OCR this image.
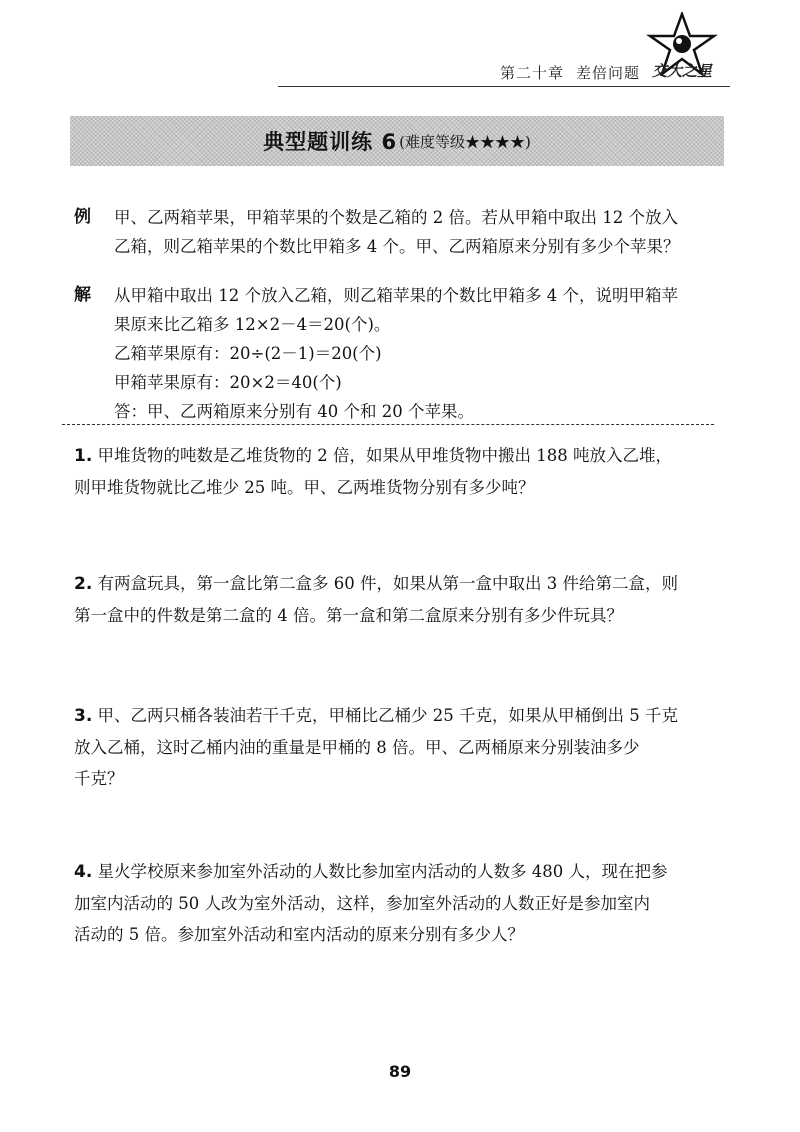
第二十章 差倍问题 交大之星
典型题训练 6 (难度等级★★★★)
例 甲、乙两箱苹果，甲箱苹果的个数是乙箱的 2 倍。若从甲箱中取出 12 个放入

乙箱，则乙箱苹果的个数比甲箱多 4 个。甲、乙两箱原来分别有多少个苹果？

解 从甲箱中取出 12 个放入乙箱，则乙箱苹果的个数比甲箱多 4 个，说明甲箱苹

果原来比乙箱多 12×2－4＝20(个)。

乙箱苹果原有：20÷(2－1)＝20(个)

甲箱苹果原有：20×2＝40(个)

答：甲、乙两箱原来分别有 40 个和 20 个苹果。

1. 甲堆货物的吨数是乙堆货物的 2 倍，如果从甲堆货物中搬出 188 吨放入乙堆，

则甲堆货物就比乙堆少 25 吨。甲、乙两堆货物分别有多少吨？

2. 有两盒玩具，第一盒比第二盒多 60 件，如果从第一盒中取出 3 件给第二盒，则

第一盒中的件数是第二盒的 4 倍。第一盒和第二盒原来分别有多少件玩具？

3. 甲、乙两只桶各装油若干千克，甲桶比乙桶少 25 千克，如果从甲桶倒出 5 千克

放入乙桶，这时乙桶内油的重量是甲桶的 8 倍。甲、乙两桶原来分别装油多少

千克？

4. 星火学校原来参加室外活动的人数比参加室内活动的人数多 480 人，现在把参

加室内活动的 50 人改为室外活动，这样，参加室外活动的人数正好是参加室内

活动的 5 倍。参加室外活动和室内活动的原来分别有多少人？

89
